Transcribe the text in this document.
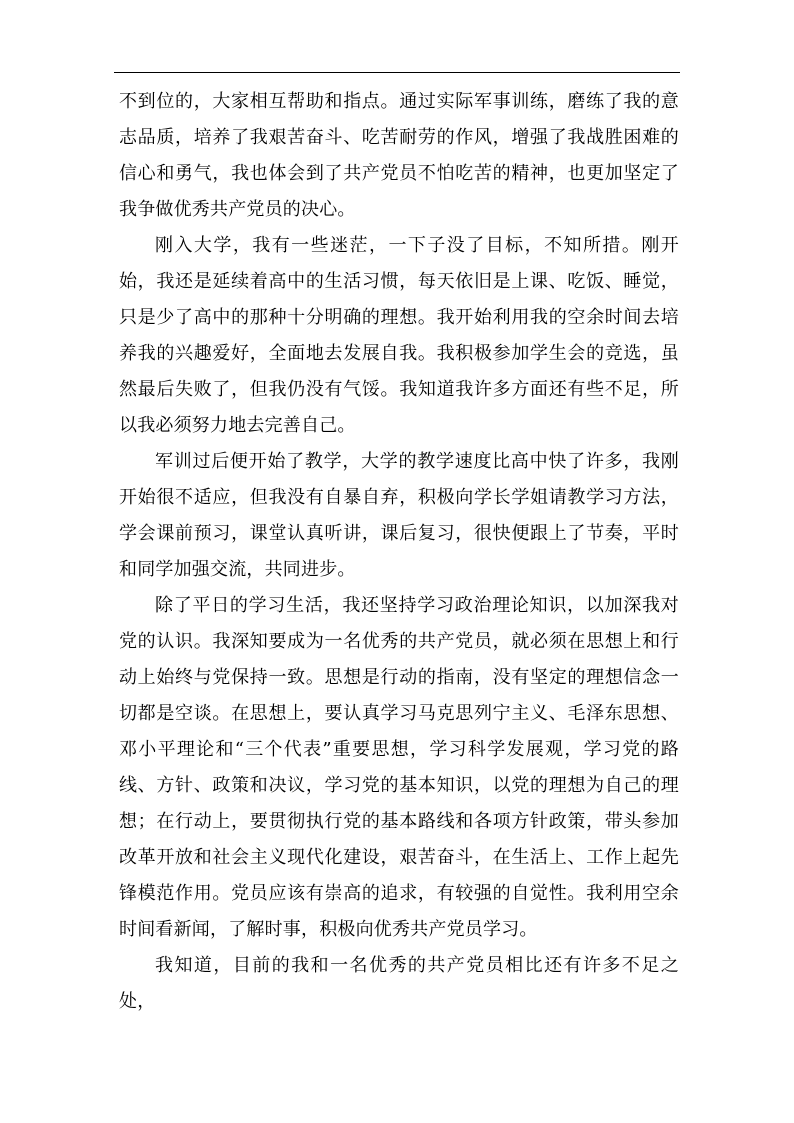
不到位的，大家相互帮助和指点。通过实际军事训练，磨练了我的意志品质，培养了我艰苦奋斗、吃苦耐劳的作风，增强了我战胜困难的信心和勇气，我也体会到了共产党员不怕吃苦的精神，也更加坚定了我争做优秀共产党员的决心。

刚入大学，我有一些迷茫，一下子没了目标，不知所措。刚开始，我还是延续着高中的生活习惯，每天依旧是上课、吃饭、睡觉，只是少了高中的那种十分明确的理想。我开始利用我的空余时间去培养我的兴趣爱好，全面地去发展自我。我积极参加学生会的竞选，虽然最后失败了，但我仍没有气馁。我知道我许多方面还有些不足，所以我必须努力地去完善自己。

军训过后便开始了教学，大学的教学速度比高中快了许多，我刚开始很不适应，但我没有自暴自弃，积极向学长学姐请教学习方法，学会课前预习，课堂认真听讲，课后复习，很快便跟上了节奏，平时和同学加强交流，共同进步。

除了平日的学习生活，我还坚持学习政治理论知识，以加深我对党的认识。我深知要成为一名优秀的共产党员，就必须在思想上和行动上始终与党保持一致。思想是行动的指南，没有坚定的理想信念一切都是空谈。在思想上，要认真学习马克思列宁主义、毛泽东思想、邓小平理论和“三个代表”重要思想，学习科学发展观，学习党的路线、方针、政策和决议，学习党的基本知识，以党的理想为自己的理想；在行动上，要贯彻执行党的基本路线和各项方针政策，带头参加改革开放和社会主义现代化建设，艰苦奋斗，在生活上、工作上起先锋模范作用。党员应该有崇高的追求，有较强的自觉性。我利用空余时间看新闻，了解时事，积极向优秀共产党员学习。

我知道，目前的我和一名优秀的共产党员相比还有许多不足之处，
